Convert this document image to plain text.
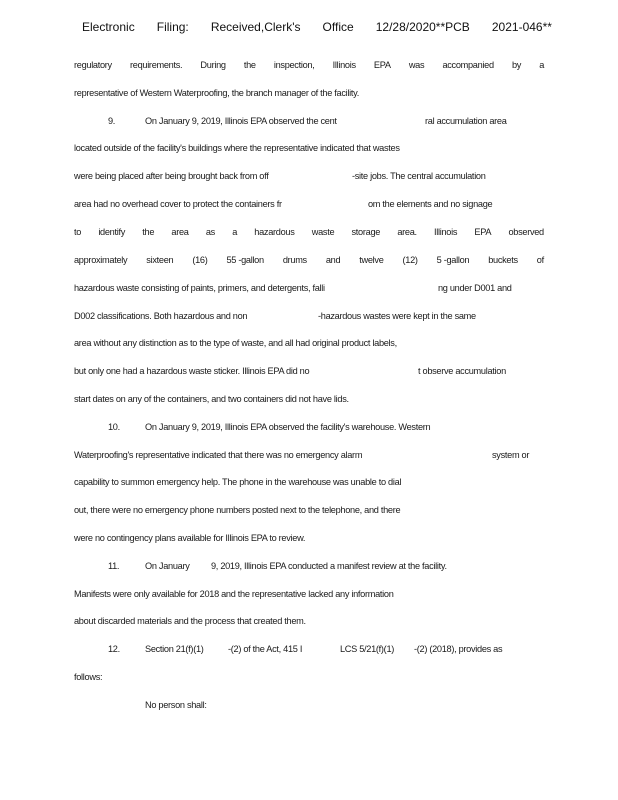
Electronic Filing: Received,Clerk's Office 12/28/2020**PCB 2021-046**
regulatory requirements. During the inspection, Illinois EPA was accompanied by a
representative of Western Waterproofing, the branch manager of the facility.
9.	On January 9, 2019, Illinois EPA observed the cent	ral accumulation area
located outside of the facility's buildings where the representative indicated that wastes
were being placed after being brought back from off	-site jobs. The central accumulation
area had no overhead cover to protect the containers fr	om the elements and no signage
to identify the area as a hazardous waste storage area. Illinois EPA observed
approximately sixteen (16) 55 -gallon drums and twelve (12) 5 -gallon buckets of
hazardous waste consisting of paints, primers, and detergents, falli	ng under D001 and
D002 classifications. Both hazardous and non	-hazardous wastes were kept in the same
area without any distinction as to the type of waste, and all had original product labels,
but only one had a hazardous waste sticker. Illinois EPA did no	t observe accumulation
start dates on any of the containers, and two containers did not have lids.
10.	On January 9, 2019, Illinois EPA observed the facility's warehouse. Western
Waterproofing's representative indicated that there was no emergency alarm	system or
capability to summon emergency help. The phone in the warehouse was unable to dial
out, there were no emergency phone numbers posted next to the telephone, and there
were no contingency plans available for Illinois EPA to review.
11.	On January 9, 2019, Illinois EPA conducted a manifest review at the facility.
Manifests were only available for 2018 and the representative lacked any information
about discarded materials and the process that created them.
12.	Section 21(f)(1)	-(2) of the Act, 415 I	LCS 5/21(f)(1) -(2) (2018), provides as
follows:
No person shall:
